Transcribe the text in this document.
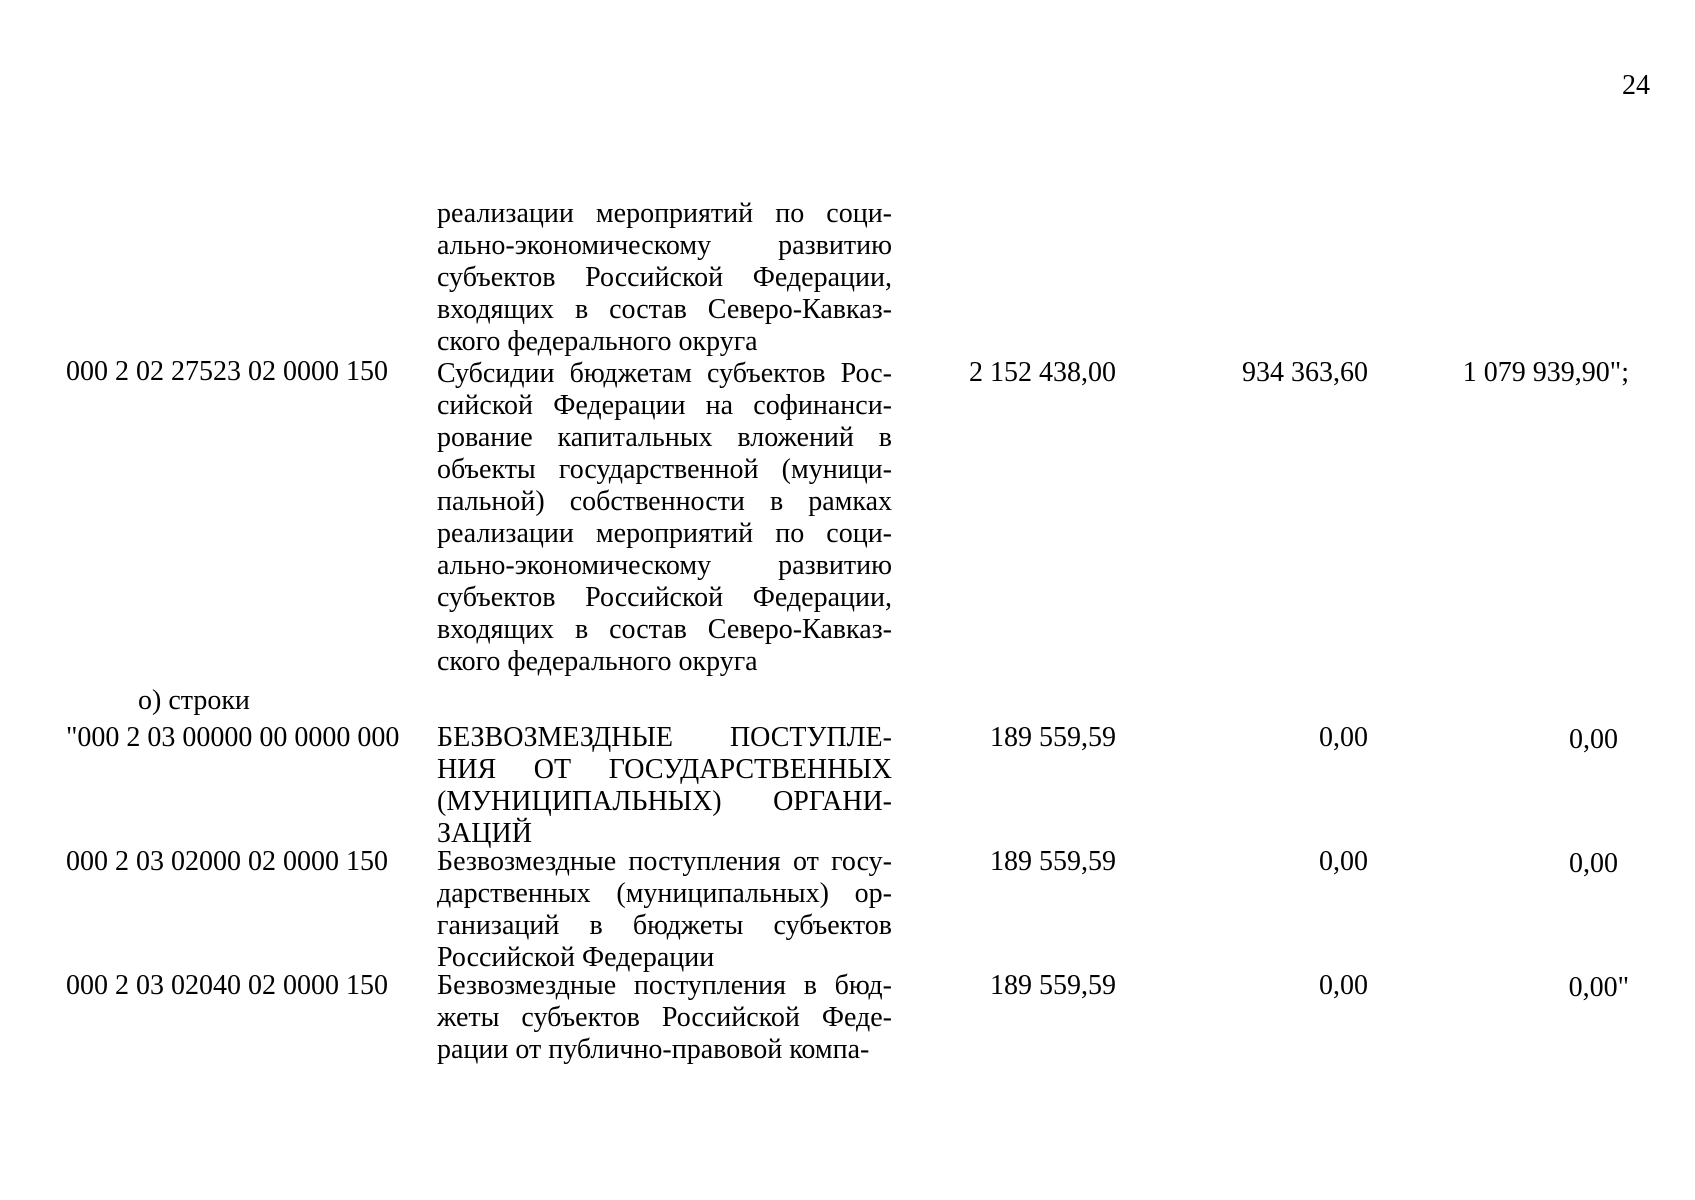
24
реализации мероприятий по соци-
ально-экономическому развитию
субъектов Российской Федерации,
входящих в состав Северо-Кавказ-
ского федерального округа
000 2 02 27523 02 0000 150	Субсидии бюджетам субъектов Рос-
сийской Федерации на софинанси-
рование капитальных вложений в
объекты государственной (муници-
пальной) собственности в рамках
реализации мероприятий по соци-
ально-экономическому развитию
субъектов Российской Федерации,
входящих в состав Северо-Кавказ-
ского федерального округа
2 152 438,00	934 363,60	1 079 939,90";
о) строки
"000 2 03 00000 00 0000 000	БЕЗВОЗМЕЗДНЫЕ ПОСТУПЛЕ-
НИЯ ОТ ГОСУДАРСТВЕННЫХ
(МУНИЦИПАЛЬНЫХ) ОРГАНИ-
ЗАЦИЙ
189 559,59	0,00	0,00
000 2 03 02000 02 0000 150	Безвозмездные поступления от госу-
дарственных (муниципальных) ор-
ганизаций в бюджеты субъектов
Российской Федерации
189 559,59	0,00	0,00
000 2 03 02040 02 0000 150	Безвозмездные поступления в бюд-
жеты субъектов Российской Феде-
рации от публично-правовой компа-
189 559,59	0,00	0,00"
